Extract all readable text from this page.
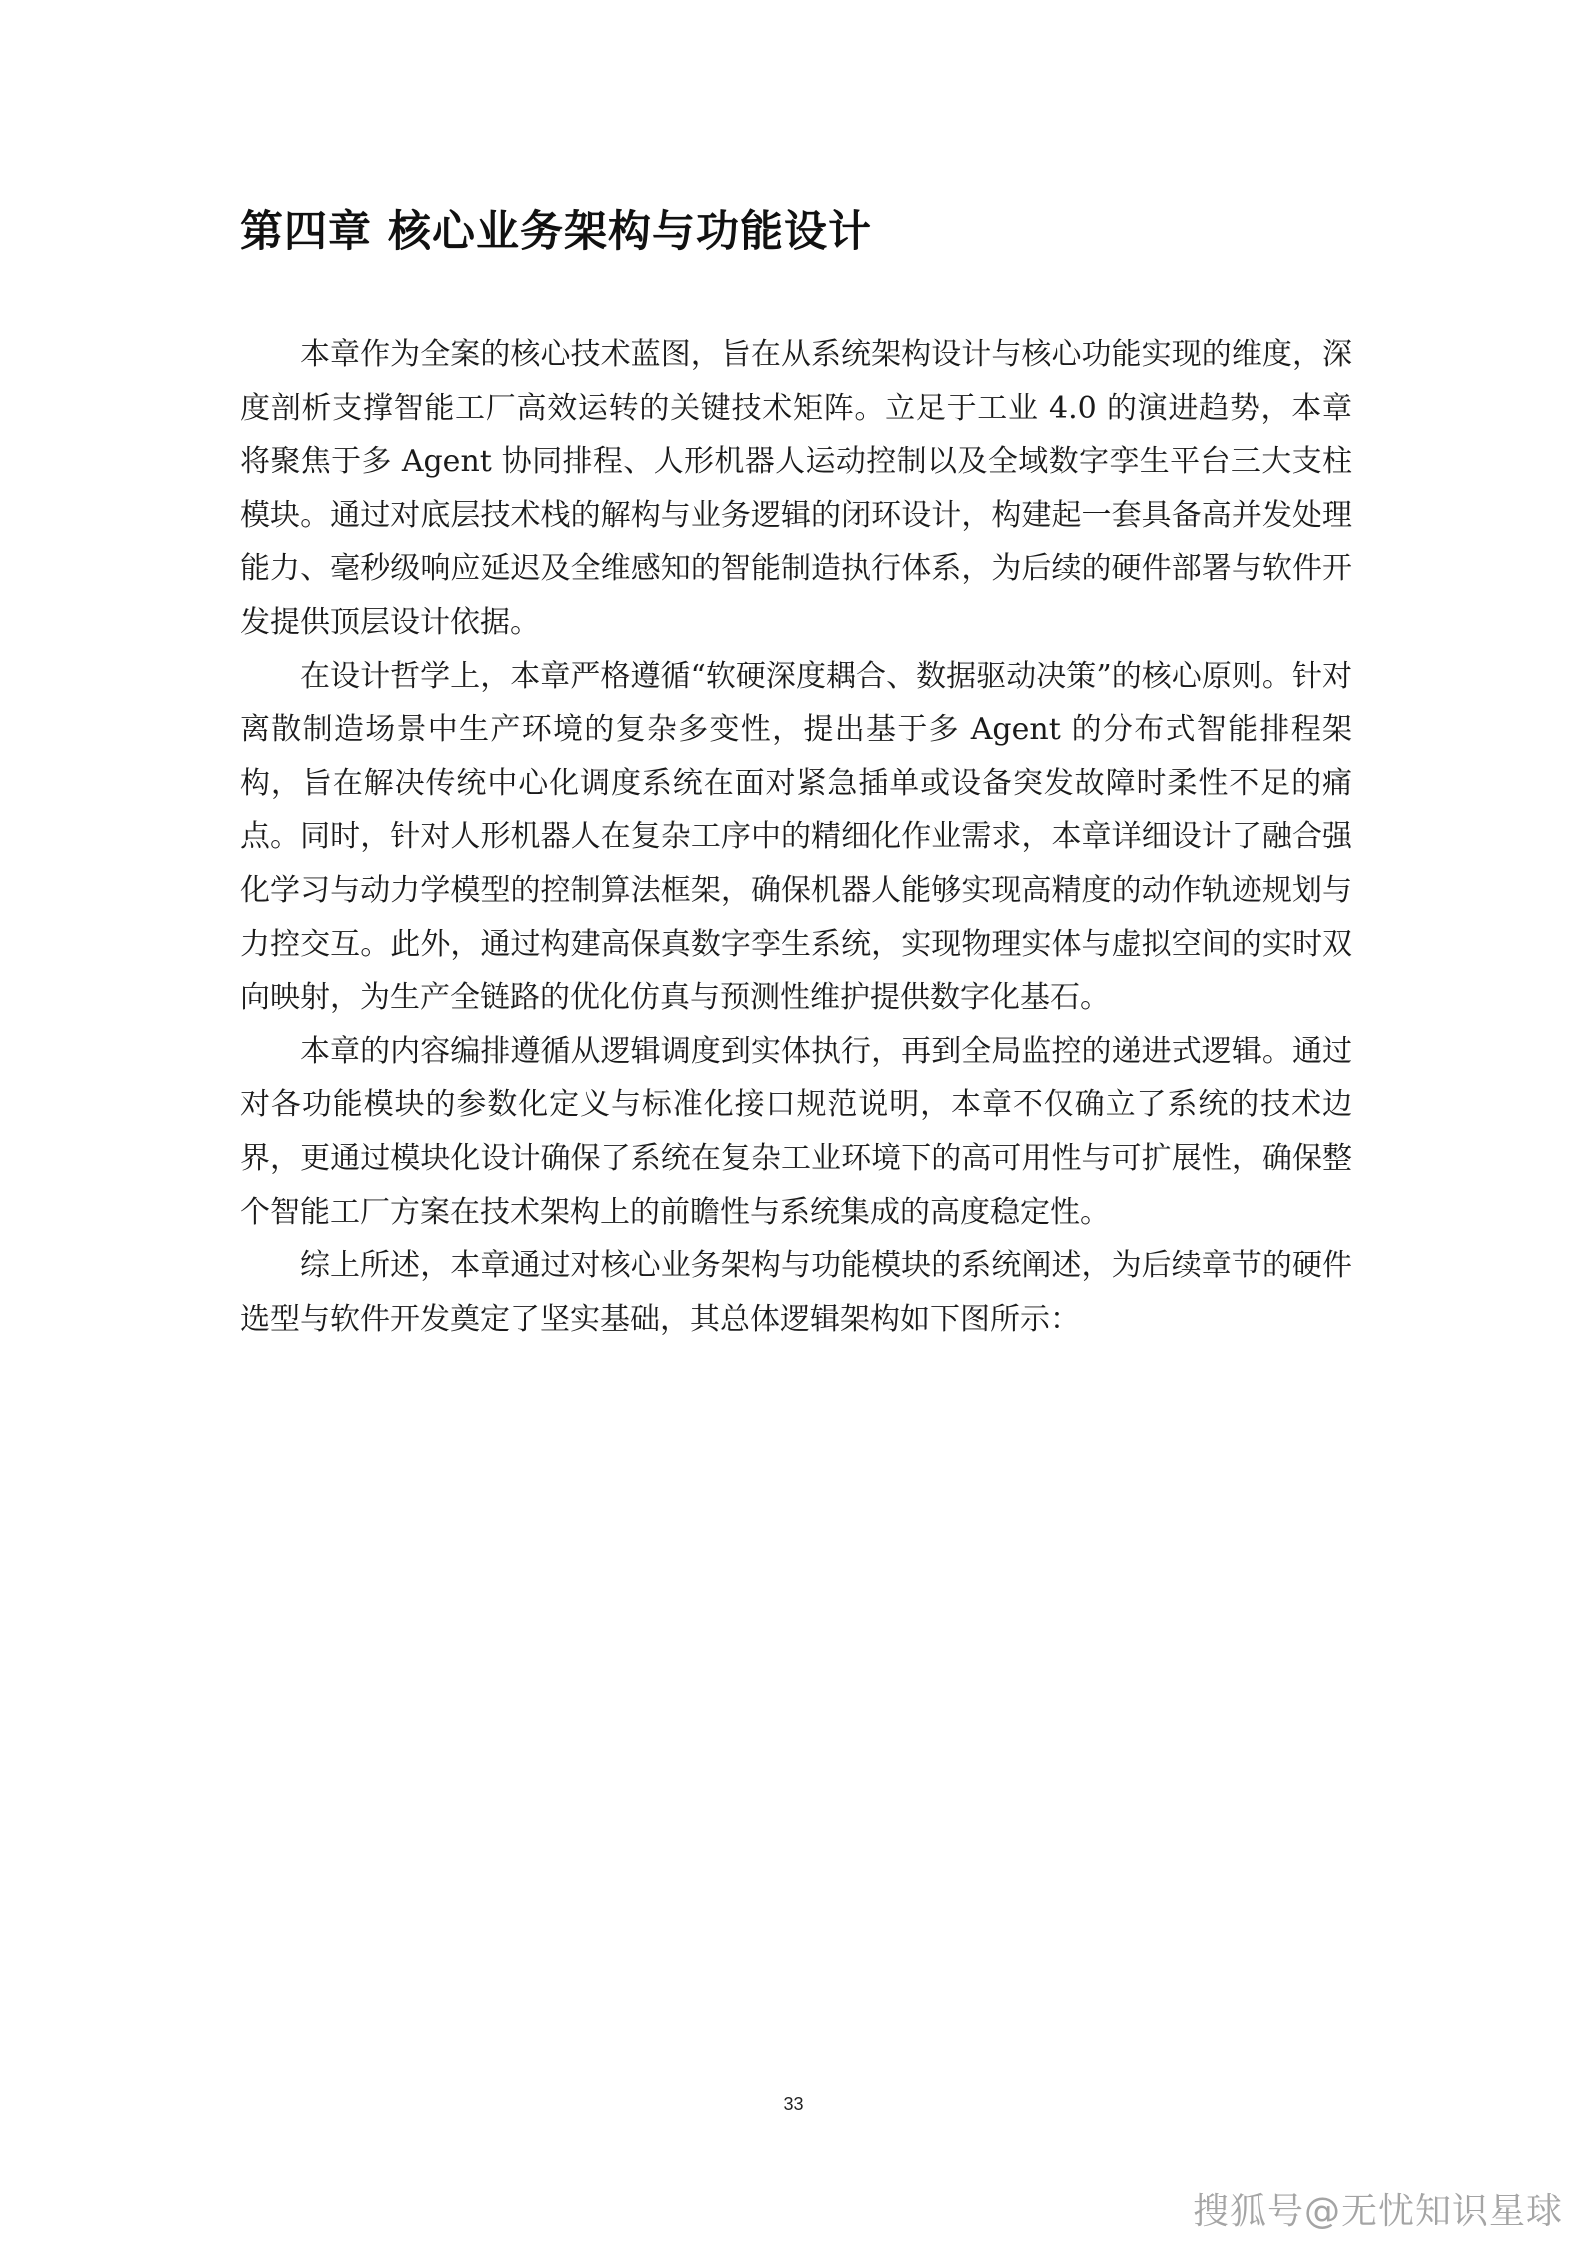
第四章 核心业务架构与功能设计

本章作为全案的核心技术蓝图，旨在从系统架构设计与核心功能实现的维度，深度剖析支撑智能工厂高效运转的关键技术矩阵。立足于工业 4.0 的演进趋势，本章将聚焦于多 Agent 协同排程、人形机器人运动控制以及全域数字孪生平台三大支柱模块。通过对底层技术栈的解构与业务逻辑的闭环设计，构建起一套具备高并发处理能力、毫秒级响应延迟及全维感知的智能制造执行体系，为后续的硬件部署与软件开发提供顶层设计依据。

在设计哲学上，本章严格遵循“软硬深度耦合、数据驱动决策”的核心原则。针对离散制造场景中生产环境的复杂多变性，提出基于多 Agent 的分布式智能排程架构，旨在解决传统中心化调度系统在面对紧急插单或设备突发故障时柔性不足的痛点。同时，针对人形机器人在复杂工序中的精细化作业需求，本章详细设计了融合强化学习与动力学模型的控制算法框架，确保机器人能够实现高精度的动作轨迹规划与力控交互。此外，通过构建高保真数字孪生系统，实现物理实体与虚拟空间的实时双向映射，为生产全链路的优化仿真与预测性维护提供数字化基石。

本章的内容编排遵循从逻辑调度到实体执行，再到全局监控的递进式逻辑。通过对各功能模块的参数化定义与标准化接口规范说明，本章不仅确立了系统的技术边界，更通过模块化设计确保了系统在复杂工业环境下的高可用性与可扩展性，确保整个智能工厂方案在技术架构上的前瞻性与系统集成的高度稳定性。

综上所述，本章通过对核心业务架构与功能模块的系统阐述，为后续章节的硬件选型与软件开发奠定了坚实基础，其总体逻辑架构如下图所示：

33
搜狐号@无忧知识星球
